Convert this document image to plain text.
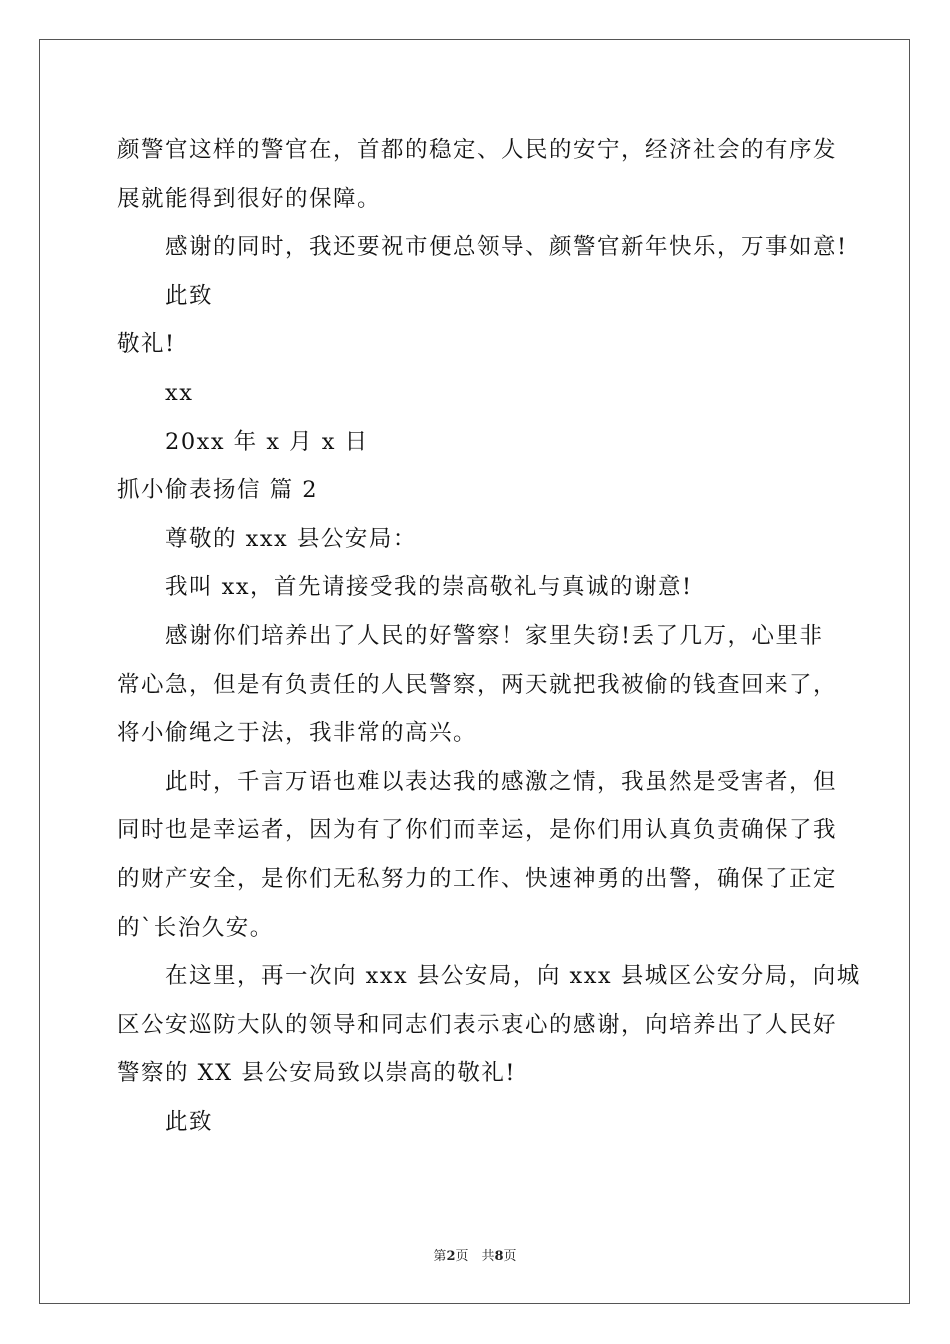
颜警官这样的警官在，首都的稳定、人民的安宁，经济社会的有序发

展就能得到很好的保障。

感谢的同时，我还要祝市便总领导、颜警官新年快乐，万事如意!

此致

敬礼!

xx

20xx 年 x 月 x 日

抓小偷表扬信 篇 2

尊敬的 xxx 县公安局：

我叫 xx，首先请接受我的崇高敬礼与真诚的谢意!

感谢你们培养出了人民的好警察！家里失窃!丢了几万，心里非

常心急，但是有负责任的人民警察，两天就把我被偷的钱查回来了，

将小偷绳之于法，我非常的高兴。

此时，千言万语也难以表达我的感激之情，我虽然是受害者，但

同时也是幸运者，因为有了你们而幸运，是你们用认真负责确保了我

的财产安全，是你们无私努力的工作、快速神勇的出警，确保了正定

的`长治久安。

在这里，再一次向 xxx 县公安局，向 xxx 县城区公安分局，向城

区公安巡防大队的领导和同志们表示衷心的感谢，向培养出了人民好

警察的 XX 县公安局致以崇高的敬礼!

此致

第2页　共8页
